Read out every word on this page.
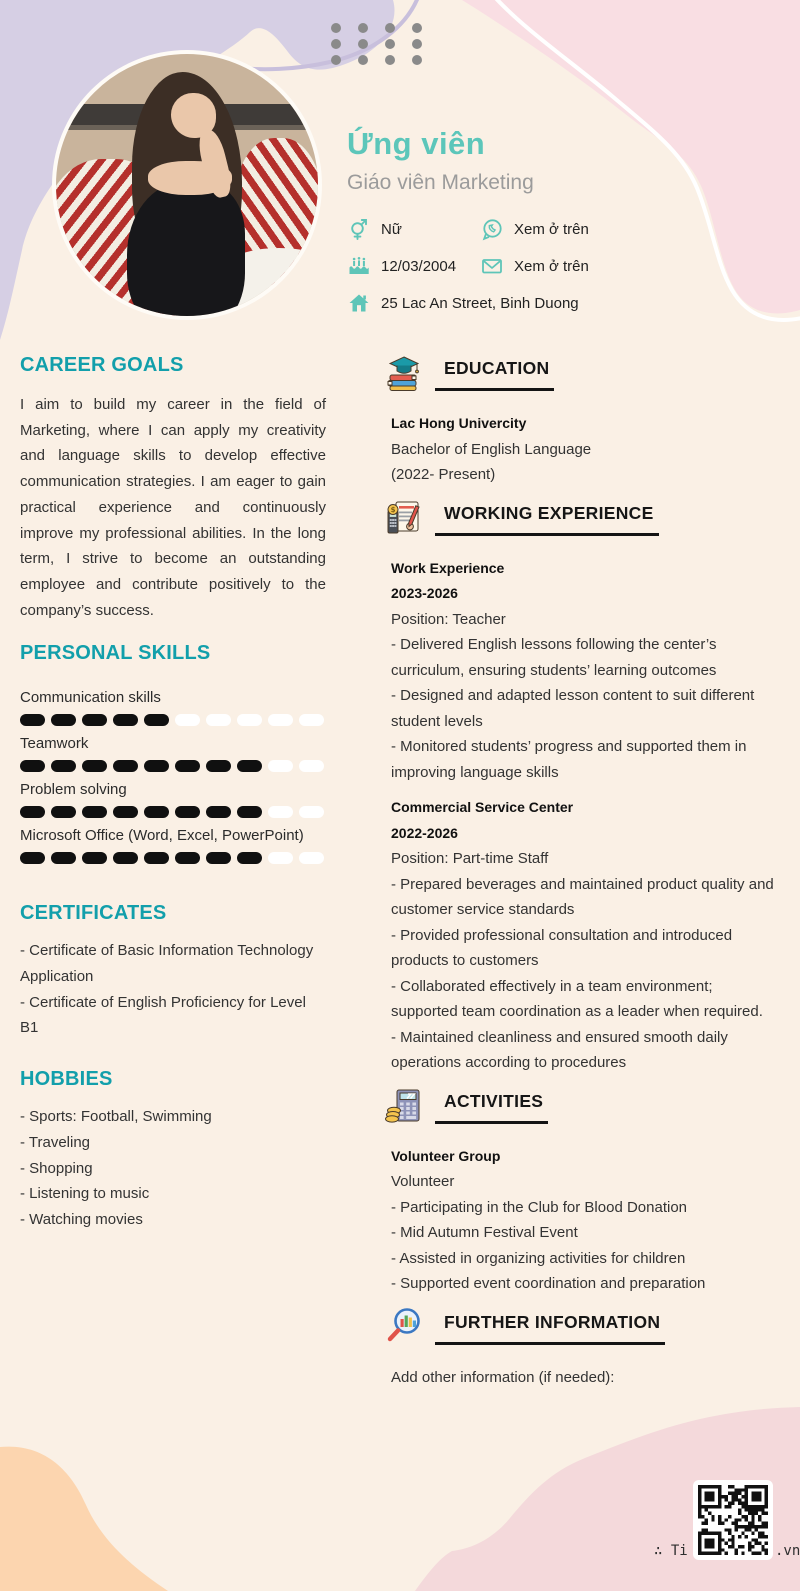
Ứng viên
Giáo viên Marketing
Nữ	Xem ở trên
12/03/2004	Xem ở trên
25 Lac An Street, Binh Duong
CAREER GOALS

I aim to build my career in the field of Marketing, where I can apply my creativity and language skills to develop effective communication strategies. I am eager to gain practical experience and continuously improve my professional abilities. In the long term, I strive to become an outstanding employee and contribute positively to the company’s success.

PERSONAL SKILLS
Communication skills
Teamwork
Problem solving
Microsoft Office (Word, Excel, PowerPoint)
CERTIFICATES
- Certificate of Basic Information Technology Application
- Certificate of English Proficiency for Level B1
HOBBIES
- Sports: Football, Swimming
- Traveling
- Shopping
- Listening to music
- Watching movies
EDUCATION
Lac Hong Univercity
Bachelor of English Language
(2022- Present)
$	WORKING EXPERIENCE
Work Experience
2023-2026
Position: Teacher
- Delivered English lessons following the center’s curriculum, ensuring students’ learning outcomes
- Designed and adapted lesson content to suit different student levels
- Monitored students’ progress and supported them in improving language skills
Commercial Service Center
2022-2026
Position: Part-time Staff
- Prepared beverages and maintained product quality and customer service standards
- Provided professional consultation and introduced products to customers
- Collaborated effectively in a team environment; supported team coordination as a leader when required.
- Maintained cleanliness and ensured smooth daily operations according to procedures
ACTIVITIES
Volunteer Group
Volunteer
- Participating in the Club for Blood Donation
- Mid Autumn Festival Event
- Assisted in organizing activities for children
- Supported event coordination and preparation
FURTHER INFORMATION
Add other information (if needed):
∴ Ti	.vn
